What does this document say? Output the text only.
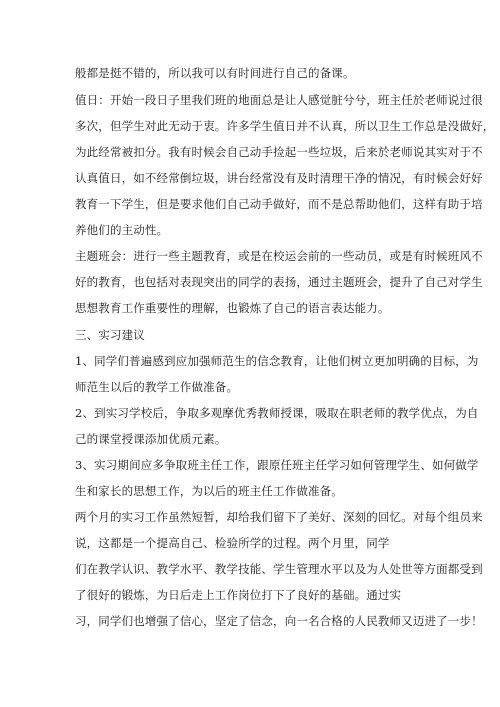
般都是挺不错的，所以我可以有时间进行自己的备课。
值日：开始一段日子里我们班的地面总是让人感觉脏兮兮，班主任於老师说过很
多次，但学生对此无动于衷。许多学生值日并不认真，所以卫生工作总是没做好，
为此经常被扣分。我有时候会自己动手捡起一些垃圾，后来於老师说其实对于不
认真值日，如不经常倒垃圾，讲台经常没有及时清理干净的情况，有时候会好好
教育一下学生，但是要求他们自己动手做好，而不是总帮助他们，这样有助于培
养他们的主动性。
主题班会：进行一些主题教育，或是在校运会前的一些动员，或是有时候班风不
好的教育，也包括对表现突出的同学的表扬，通过主题班会，提升了自己对学生
思想教育工作重要性的理解，也锻炼了自己的语言表达能力。
三、实习建议
1、同学们普遍感到应加强师范生的信念教育，让他们树立更加明确的目标，为
师范生以后的教学工作做准备。
2、到实习学校后，争取多观摩优秀教师授课，吸取在职老师的教学优点，为自
己的课堂授课添加优质元素。
3、实习期间应多争取班主任工作，跟原任班主任学习如何管理学生、如何做学
生和家长的思想工作，为以后的班主任工作做准备。
两个月的实习工作虽然短暂，却给我们留下了美好、深刻的回忆。对每个组员来
说，这都是一个提高自己、检验所学的过程。两个月里，同学
们在教学认识、教学水平、教学技能、学生管理水平以及为人处世等方面都受到
了很好的锻炼，为日后走上工作岗位打下了良好的基础。通过实
习，同学们也增强了信心，坚定了信念，向一名合格的人民教师又迈进了一步！
